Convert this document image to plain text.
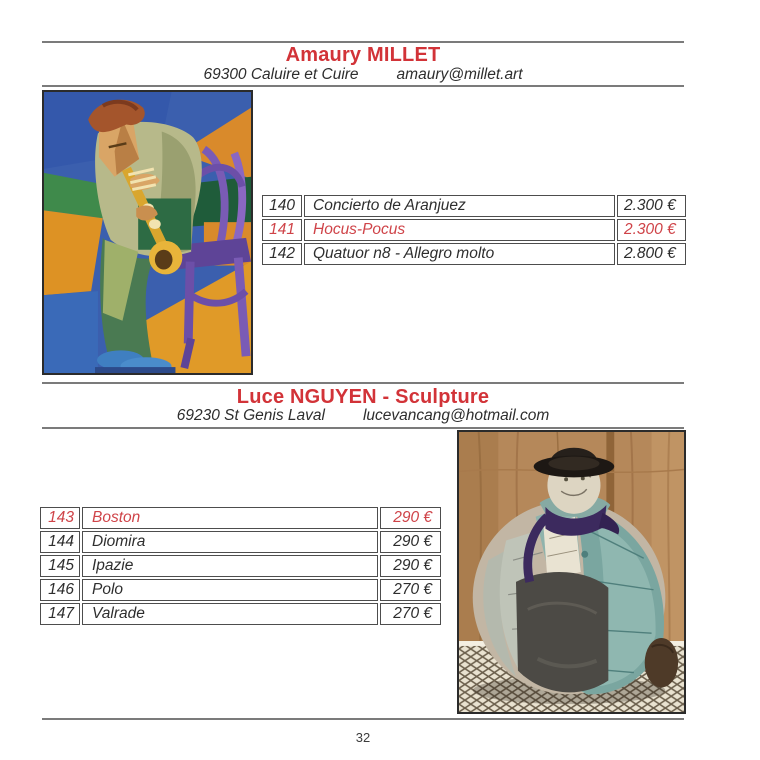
Amaury MILLET
69300 Caluire et Cuire amaury@millet.art
140	Concierto de Aranjuez	2.300 €
141	Hocus-Pocus	2.300 €
142	Quatuor n8 - Allegro molto	2.800 €
Luce NGUYEN - Sculpture
69230 St Genis Laval lucevancang@hotmail.com
143	Boston	290 €
144	Diomira	290 €
145	Ipazie	290 €
146	Polo	270 €
147	Valrade	270 €
32
